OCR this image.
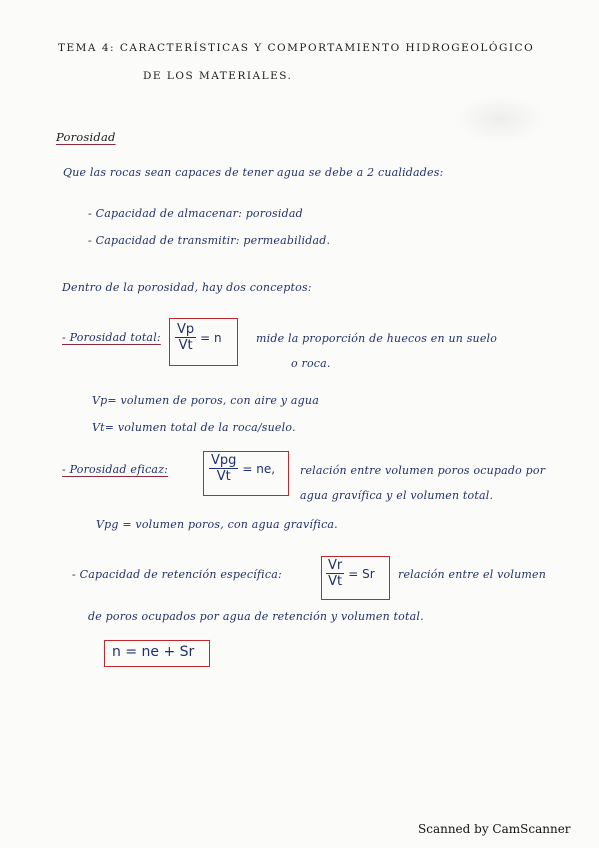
TEMA 4: CARACTERÍSTICAS Y COMPORTAMIENTO HIDROGEOLÓGICO
DE LOS MATERIALES.
Porosidad
Que las rocas sean capaces de tener agua se debe a 2 cualidades:
- Capacidad de almacenar: porosidad
- Capacidad de transmitir: permeabilidad.
Dentro de la porosidad, hay dos conceptos:
- Porosidad total: $\frac{Vp}{Vt} = n$	mide la proporción de huecos en un suelo
o roca.
Vp= volumen de poros, con aire y agua
Vt= volumen total de la roca/suelo.
- Porosidad eficaz:	$\frac{\text{Vpg}}{Vt}$ = ne, relación entre volumen poros ocupado por
agua gravífica y el volumen total.
Vpg = volumen poros, con agua gravífica.
- Capacidad de retención específica:	$\frac{Vr}{Vt} = Sr$ relación entre el volumen
de poros ocupados por agua de retención y volumen total.
n = ne + Sr
Scanned by CamScanner
